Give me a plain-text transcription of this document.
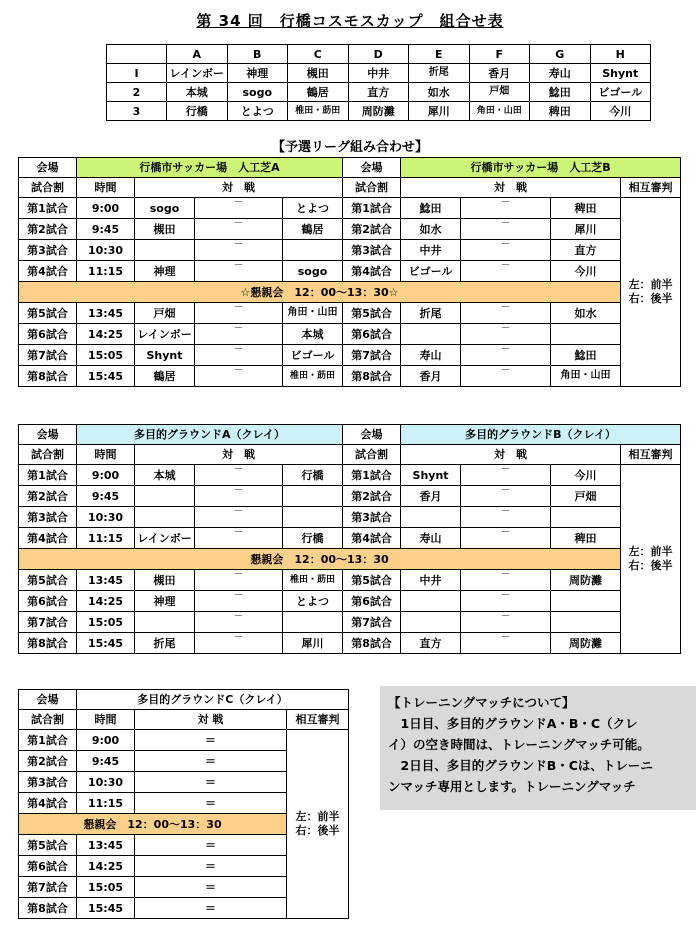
第 34 回　行橋コスモスカップ　組合せ表
	A	B	C	D	E	F	G	H
Ⅰ	レインボー	神理	槻田	中井	折尾	香月	寿山	Shynt
2	本城	sogo	鶴居	直方	如水	戸畑	鯰田	ビゴール
3	行橋	とよつ	椎田・莇田	周防灘	犀川	角田・山田	稗田	今川
【予選リーグ組み合わせ】
会場	行橋市サッカー場　人工芝A				会場	行橋市サッカー場　人工芝B			
試合割	時間	対　戦			試合割	対　戦			相互審判
第1試合	9:00	sogo	－	とよつ	第1試合	鯰田	－	稗田	左：前半
右：後半
第2試合	9:45	槻田	－	鶴居	第2試合	如水	－	犀川	
第3試合	10:30		－		第3試合	中井	－	直方	
第4試合	11:15	神理	－	sogo	第4試合	ビゴール	－	今川	
☆懇親会　12：00～13：30☆									
第5試合	13:45	戸畑	－	角田・山田	第5試合	折尾	－	如水	
第6試合	14:25	レインボー	－	本城	第6試合		－		
第7試合	15:05	Shynt	－	ビゴール	第7試合	寿山	－	鯰田	
第8試合	15:45	鶴居	－	椎田・莇田	第8試合	香月	－	角田・山田	
会場	多目的グラウンドA（クレイ）				会場	多目的グラウンドB（クレイ）			
試合割	時間	対　戦			試合割	対　戦			相互審判
第1試合	9:00	本城	－	行橋	第1試合	Shynt	－	今川	左：前半
右：後半
第2試合	9:45		－		第2試合	香月	－	戸畑	
第3試合	10:30		－		第3試合		－		
第4試合	11:15	レインボー	－	行橋	第4試合	寿山	－	稗田	
懇親会　12：00～13：30									
第5試合	13:45	槻田	－	椎田・莇田	第5試合	中井	－	周防灘	
第6試合	14:25	神理	－	とよつ	第6試合		－		
第7試合	15:05		－		第7試合		－		
第8試合	15:45	折尾	－	犀川	第8試合	直方	－	周防灘	
会場	多目的グラウンドC（クレイ）		
試合割	時間	対 戦	相互審判
第1試合	9:00	＝	左：前半
右：後半
第2試合	9:45	＝	
第3試合	10:30	＝	
第4試合	11:15	＝	
懇親会　12：00～13：30			
第5試合	13:45	＝	
第6試合	14:25	＝	
第7試合	15:05	＝	
第8試合	15:45	＝	
【トレーニングマッチについて】
　1日目、多目的グラウンドA・B・C（クレ
イ）の空き時間は、トレーニングマッチ可能。
　2日目、多目的グラウンドB・Cは、トレーニ
ンマッチ専用とします。トレーニングマッチ
